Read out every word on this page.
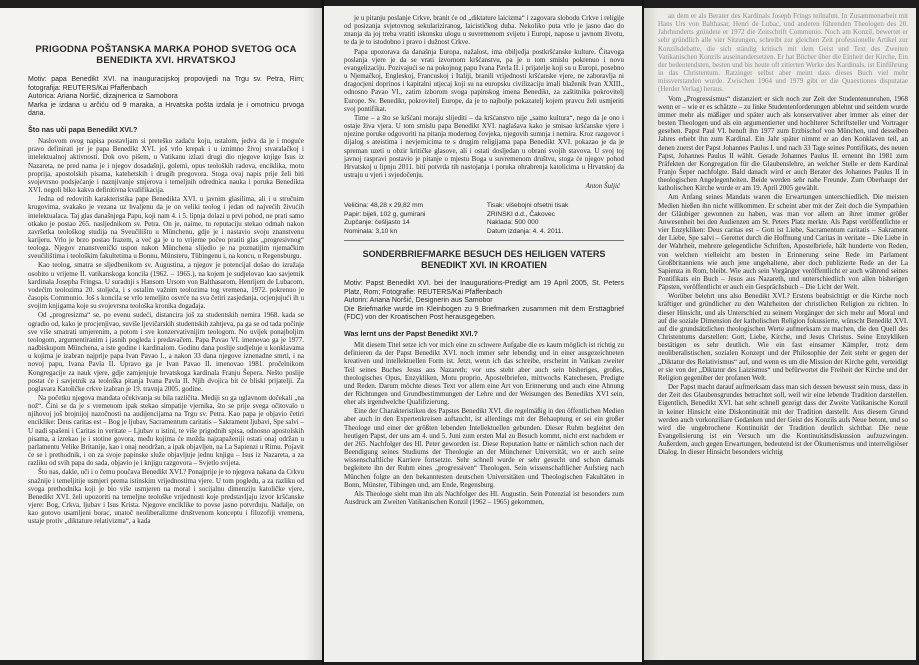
PRIGODNA POŠTANSKA MARKA POHOD SVETOG OCA BENEDIKTA XVI. HRVATSKOJ
Motiv: papa Benedikt XVI. na inauguracijskoj propovijedi na Trgu sv. Petra, Rim; fotografija: REUTERS/Kai Pfaffenbach
Autorica: Ariana Noršić, dizajnerica iz Samobora
Marka je izdana u arčiću od 9 maraka, a Hrvatska pošta izdala je i omotnicu prvoga dana.
Što nas uči papa Benedikt XVI.?

Naslovom ovog napisa postavljam si preteško zadaću koju, ustalom, jedva da je i moguće pravo definirati jer je papa Benedikt XVI. još vrlo krepak i u iznimno živoj stvaralačkoj i intelektualnoj aktivnosti. Dok ovo pišem, u Vatikanu izlazi drugi dio njegove knjige Isus iz Nazareta, ne pred nama je i njegov dosadašnji, golemi, opus teoloških radova, enciklika, motu proprija, apostolskih pisama, katehetskih i drugih pregovora. Stoga ovaj napis prije želi biti svojevrsno podsjećanje i naznjivanje smjerova i temeljnih odrednica nauka i poruka Benedikta XVI. negoli biko kakva definitivna kvalifikacija.

Jedna od redovitih karakteristika pape Benedikta XVI. u javnim glasilima, ali i u stručnim krugovima, svakako je vezana uz hvaljenu da je on veliki teolog i jedan od najvećih živućih intelektualaca. Taj glas današnjega Papu, koji nam 4. i 5. lipnja dolazi u prvi pohod, ne prati samo otkako je postao 265. nasljednikom sv. Petra. On je, naime, tu reputaciju stekao odmah nakon završetka teološkog studija na Sveučilištu u Münchenu, gdje je i nastavio svoju znanstvenu karijeru. Vrlo je brzo postao frazem, a već ga je u to vrijeme počeo pratiti glas „progresivnog“ teologa. Njegov znanstvenički uspon nakon Münchena slijedio je na poznatijim njemačkim sveučilištima i teološkim fakultetima u Bonnu, Münsteru, Tübingenu i, na koncu, u Regensburgu.

Kao teolog, smatra se sljedbenikom sv. Augustina, a njegov je potencijal došao do izražaja osobito u vrijeme II. vatikanskoga koncila (1962. – 1965.), na kojem je sudjelovao kao savjetnik kardinala Josepha Fringsa. U suradnji s Hansom Ursom von Balthasarom, Henrijem de Lubacom, vodećim teolozima 20. stoljeća, i s ostalim važnim teolozima tog vremena, 1972. pokrenuo je časopis Communio. Još s koncila se vrlo temeljito osvrće na sva četiri zasjedanja, ocjenjujući ih u svojim knjigama koje su svojevrsna teološka kronika događaja.

Od „progresizma“ se, po evenu sudeći, distancira još za studentskih nemira 1968. kada se ogradio od, kako je procjenjivao, suviše ljevičarskih studentskih zahtjeva, pa ga se od tada počinje sve više smatrati umjerenim, a potom i sve konzervativnijim teologom. No uvijek ponajboljim teologom, argumentiranim i jasnih pogleda i predavačem. Papa Pavao VI. imenovao ga je 1977. nadbiskupom Münchena, a iste godine i kardinalom. Godinu dana poslije sudjeluje u konklavama u kojima je izabran najprije papa Ivan Pavao I., a nakon 33 dana njegove iznenadne smrti, i na novoj papu, Ivana Pavla II. Upravo ga je Ivan Pavao II. imenovao 1981. pročelnikom Kongregacije za nauk vjere, gdje zamjenjuje hrvatskoga kardinala Franju Šepera. Nešto poslije postat će i savjetnik za teološka pitanja Ivana Pavla II. Njih dvojica bit će bliski prijatelji. Za poglavara Katoličke crkve izabran je 19. travnja 2005. godine.

Na početku njegova mandata očekivanja su bila različita. Mediji su ga uglavnom dočekali „na nož“. Čini se da je s vremenom ipak stekao simpatije vjernika, što se prije svega očitovalo u njihovoj još brojnijoj nazočnosti na audijencijama na Trgu sv. Petra. Kao papa je objavio četiri enciklike: Deus caritas est – Bog je ljubav, Sacramentum caritatis – Sakrament ljubavi, Spe salvi – U nadi spašeni i Caritas in veritate – Ljubav u istini, te više prigodnih spisa, odnosno apostolskih pisama, a izrekao je i stotine govora, među kojima će možda najzapaženiji ostati onaj održan u parlamentu Velike Britanije, kao i onaj neodržan, a ipak objavljen, na La Sapienzi u Rimu. Pojavit će se i prethodnik, i on za svoje papinske služe objavljuje jednu knjigu – Isus iz Nazareta, a za razliku od svih papa do sada, objavio je i knjigu razgovora – Svjetlo svijeta.

Što nas, dakle, uči i o čemu poučava Benedikt XVI.? Ponajprije je to njegova nakana da Crkvu snažnije i temeljitije usmjeri prema istinskim vrijednostima vjere. U tom pogledu, a za razliku od svoga prethodnika koji je bio više usmjeren na moral i socijalnu dimenziju katoličke vjere, Benedikt XVI. želi upozoriti na temeljne teološke vrijednosti koje predstavljaju izvor kršćanske vjere: Bog, Crkva, ljubav i Isus Krista. Njegove enciklike to povse jasno potvrđuju. Nadalje, on kao gotovo usamljeni borac, unatoč neoliberalizme društvenom konceptu i filozofiji vremena, ustaje protiv „diktature relativizma“, a kada

je u pitanju poslanje Crkve, branit će od „diktature laicizma“ i zagovara slobodu Crkve i religije od posizanja svjetovnog sekulariziranog, laicističkog duha. Nekoliko puta vrlo je jasno dao do znanja da joj treba vratiti iskonsku ulogu u suvremenom svijetu i Europi, napose u javnom životu, te da je to istodobno i pravo i dužnost Crkve.

Papa upozorava da današnja Europa, nažalost, ima obiljeđja postkršćanske kulture. Čitavoga poslanja vjere je da se vrati izvornom kršćanstvu, pa je u tom smislu pokrenuo i novu evangelizaciju. Pozivajući se na pokojnog papu Ivana Pavla II. i prijatelje koji su u Europi, posebno u Njemačkoj, Engleskoj, Francuskoj i Italiji, branili vrijednosti kršćanske vjere, ne zaboravlja ni dragocjeni doprinos i kapitalni utjecaj koji su na europsku civilizaciju imali blaženik Ivan XXIII., odnosno Pavao VI., zatim izborom svoga papinskog imena Benedikt, za zaštitnika pokrovitelj Europe. Sv. Benedikt, pokrovitelj Europe, da je to najbolje pokazatelj kojem pravcu želi usmjeriti svoj pontifikat.

Time – a što se kršćani moraju slijediti – da kršćanstvo nije „samo kultura“, nego da je ono i ostaje živa vjera. U tom smislu papa Benedikt XVI. naglašava kako je smisao kršćanske vjere i njezine poruke odgovoriti na pitanja modernog čovjeka, njegovih sumnja i nemira. Kroz razgovor i dijalog s ateistima i nevjernicima te s drugim religijama papa Benedikt XVI. pokazao je da je spreman uzeti u obzir kritičke glasove, ali i ostati dosljedan u obrani svojih stavova. U svoj toj javnoj raspravi postavio je pitanje o mjestu Boga u suvremenom društvu, stoga će njegov pohod Hrvatskoj u lipnju 2011. biti potvrda tih nastojanja i poruka ohrabrenja katolicima u Hrvatskoj da ustraju u vjeri i svjedočenju.

Anton Šuljić
Veličina: 48,28 x 29,82 mm
Papir: bijeli, 102 g, gumirani
Zupčanje: češljasto 14
Nominala: 3,10 kn
Tisak: višebojni ofsetni tisak
ZRINSKI d.d., Čakovec
Naklada: 500 000
Datum izdanja: 4. 4. 2011.
SONDERBRIEFMARKE BESUCH DES HEILIGEN VATERS BENEDIKT XVI. IN KROATIEN
Motiv: Papst Benedikt XVI. bei der Inaugurations-Predigt am 19 April 2005, St. Peters Platz, Rom; Fotografie: REUTERS/Kai Pfaffenbach
Autorin: Ariana Noršić, Designerin aus Samobor
Die Briefmarke wurde im Kleinbogen zu 9 Briefmarken zusammen mit dem Ersttagbrief (FDC) von der Kroatischen Post herausgegeben.
Was lernt uns der Papst Benedikt XVI.?

Mit diesem Titel setze ich vor mich eine zu schwere Aufgabe die es kaum möglich ist richtig zu definieren da der Papst Benedikt XVI. noch immer sehr lebendig und in einer ausgezeichneten kreativen und intellektuellen Form ist. Jetzt, wenn ich das schreibe, erscheint in Vatikan zweiter Teil seines Buches Jesus aus Nazareth; vor uns steht aber auch sein bisheriges, großes, theologisches Opus, Enzykliken, Motu proprio, Apostelbriefen, mittwochs Katechesen, Predigte und Reden. Darum möchte dieses Text vor allem eine Art von Erinnerung und auch eine Ahnung der Richtungen und Grundbestimmungen der Lehre und der Weisungen des Benedikts XVI sein, eher als irgendwelche Qualifizierung.

Eine der Charakteristiken des Papstes Benedikt XVI. die regelmäßig in den öffentlichen Medien aber auch in den Expertenkreisen auftaucht, ist allerdings mit der Behauptung er sei ein großer Theologe und einer der größten lebenden Intellektuellen gebunden. Dieser Ruhm begleitet den heutigen Papst, der uns am 4. und 5. Juni zum ersten Mal zu Besuch kommt, nicht erst nachdem er der 265. Nachfolger des Hl. Peter geworden ist. Diese Reputation hatte er nämlich schon nach der Beendigung seines Studiums der Theologie an der Münchener Universität, wo er auch seine wissenschaftliche Karriere fortsetzte. Sehr schnell wurde er sehr gesucht und schon damals begleitete ihn der Ruhm eines „progressiven“ Theologen. Sein wissenschaftlicher Aufstieg nach München folgte an den bekanntesten deutschen Universitäten und Theologischen Fakultäten in Bonn, Münster, Tübingen und, am Ende, Regensburg.

Als Theologe sieht man ihn als Nachfolger des Hl. Augustin. Sein Potenzial ist besonders zum Ausdruck am Zweiten Vatikanischen Konzil (1962 – 1965) gekommen,

an dem er als Berater des Kardinals Joseph Frings teilnahm. In Zusammenarbeit mit Hans Urs von Balthasar, Henri de Lubac, und anderen führenden Theologen des 20. Jahrhunderts gründete er 1972 die Zeitschrift Communio. Noch am Konzil, bewertet er sehr gründlich alle vier Sitzungen, schreibt zur gleichen Zeit professionelle Artikel zur Konzilsdebatte, die sich ständig kritisch mit dem Geist und Text des Zweiten Vatikanischen Konzils auseinandersetzen. Er hat Bücher über die Einheit der Kirche, Ein der bedeutendsten, besten und bis heute oft zitierten Werke des Kardinals, ist Einführung in das Christentum. Ratzinger selbst aber meint dass dieses Buch viel mehr missverstanden wurde. Zwischen 1964 und 1979 gibt er die Quaestiones disputatae (Herder Verlag) heraus.

Vom „Progressismus“ distanziert er sich noch zur Zeit der Studentenunruhen, 1968 wenn er – wie er es schätzte – zu linke Studentenforderungen ablehnt und seitdem wurde immer mehr als mäßiger und später auch als konservativer aber immer als einer der besten Theologen und als ein argumentierter und hochlterer Schriftsteller und Vortrager gesehen. Papst Paul VI. benuft ihn 1977 zum Erzbischof von München, und desselben Jahres erhebt ihn zum Kardinal. Ein Jahr später nimmt er an den Konklaven teil, an denen zuerst der Papst Johannes Paulus I. und nach 33 Tage seines Pontifikats, des neuen Papst, Johannes Paulus II wählt. Gerade Johannes Paulus II. ernennt ihn 1981 zum Präfekten der Kongregation für die Glaubenslehre, an welcher Stelle er dem Kardinal Franjo Šeper nachfolgte. Bald danach wird er auch Berater des Johannes Paulus II in theologischen Angelegenheiten. Beide werden sehr nahe Freunde. Zum Oberhaupt der katholischen Kirche wurde er am 19. April 2005 gewählt.

Am Anfang seines Mandats waren die Erwartungen unterschiedlich. Die meisten Medien hießen ihn nicht willkommen. Er scheint aber mit der Zeit doch die Sympathien der Gläubiger gewonnen zu haben, was man vor allem an ihrer immer größer Anwesenheit bei den Audienzen am St. Peters Platz merkte. Als Papst veröffentlichte er vier Enzykliken: Deus caritas est – Gott ist Liebe, Sacramentum caritatis – Sakrament der Liebe, Spe salvi – Gerettet durch die Hoffnung und Caritas in veritate – Die Liebe in der Wahrheit, mehrere gelegentliche Schriften, Apostelbriefe, hält hunderte von Reden, von welchen vielleicht am besten in Erinnerung seine Rede im Parlament Großbritanniens wie auch jene ungehaltene, aber doch publizierte Rede an der La Sapienza in Rom, bleibt. Wie auch sein Vorgänger veröffentlicht er auch während seines Pontifikats ein Buch – Jesus aus Nazareth, und unterschiedlich von allen bisherigen Päpsten, veröffentlicht er auch ein Gesprächsbuch – Die Licht der Welt.

Worüber belehrt uns also Benedikt XVI.? Erstens beabsichtigt er die Kirche noch kräftiger und gründlicher zu den Wahrheiten der christlichen Religion zu richten. In dieser Hinsicht, und als Unterschied zu seinem Vorgänger der sich mehr auf Moral und auf die soziale Dimension der katholischen Religion fokussierte, wünscht Benedikt XVI. auf die grundsätzlichen theologischen Werte aufmerksam zu machen, die den Quell des Christentums darstellen: Gott, Liebe, Kirche, und Jesus Christus. Seine Enzykliken bestätigen es sehr deutlich. Wie ein fast einsamer Kämpfer, trotz dem neoliberalistischen, sozialen Konzept und der Philosophie der Zeit steht er gegen der „Diktatur des Relativismus“ auf, und wenn es um die Mission der Kirche geht, verteidigt er sie von der „Diktatur des Laizismus“ und befürwortet die Freiheit der Kirche und der Religion gegenüber der profanen Welt.

Der Papst macht darauf aufmerksam dass man sich dessen bewusst sein muss, dass in der Zeit des Glaubensgrundes betrachtet soll, weil wir eine lebende Tradition darstellen. Eigentlich, Benedikt XVI. hat sehr schnell gezeigt dass der Zweite Vatikanische Konzil in keiner Hinsicht eine Diskontinuität mit der Tradition darstellt. Aus diesem Grund werden auch vorkonziliare Gedanken und der Geist des Konzils aufs Neue betont, und so wird die ungebrochene Kontinuität der Tradition deutlich sichtbar. Die neue Evangelisierung ist ein Versuch um die Kontinuitätsdiskussion aufzuzwingen. Außerdem, auch gegen Erwartungen, bedeutend ist der Ökumenismus und interreligiöser Dialog. In dieser Hinsicht besonders wichtig
